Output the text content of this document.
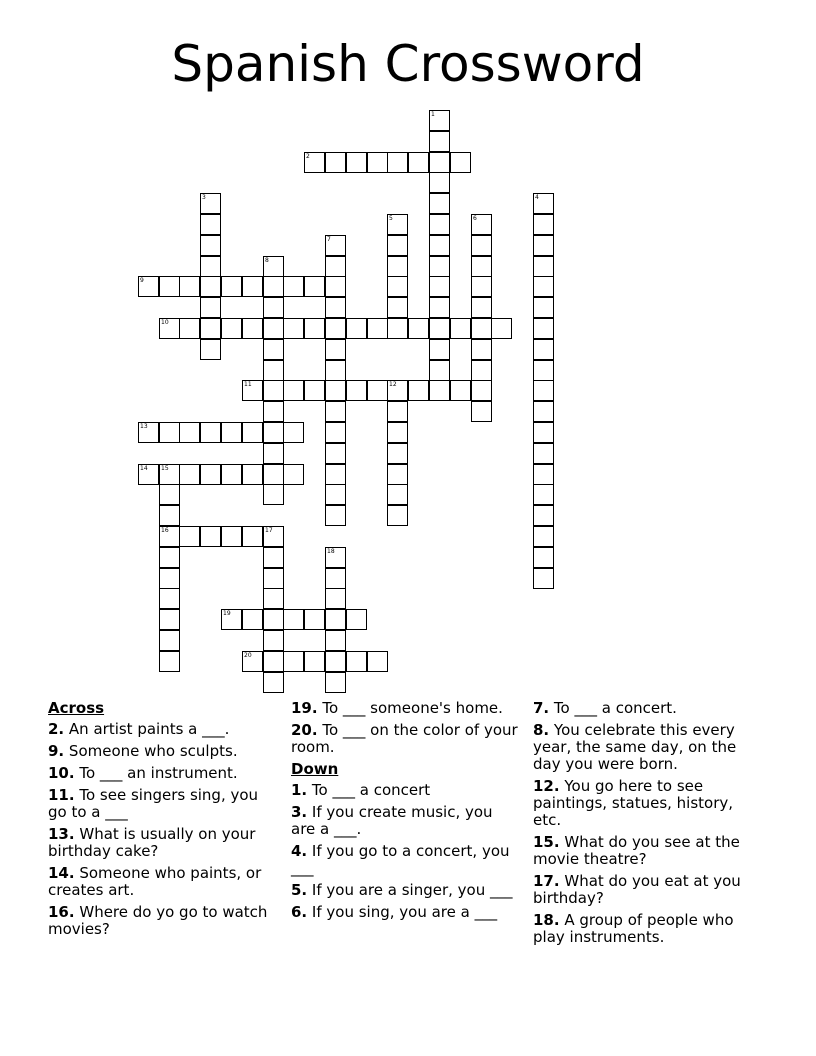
Spanish Crossword
1
2
3	4
5	6
7
8
9
10
11	12
13
14 15
16	17
18
19
20
Across
2. An artist paints a ___.
9. Someone who sculpts.
10. To ___ an instrument.
11. To see singers sing, you go to a ___
13. What is usually on your birthday cake?
14. Someone who paints, or creates art.
16. Where do yo go to watch movies?
19. To ___ someone's home.
20. To ___ on the color of your room.
Down
1. To ___ a concert
3. If you create music, you are a ___.
4. If you go to a concert, you ___
5. If you are a singer, you ___
6. If you sing, you are a ___
7. To ___ a concert.
8. You celebrate this every year, the same day, on the day you were born.
12. You go here to see paintings, statues, history, etc.
15. What do you see at the movie theatre?
17. What do you eat at you birthday?
18. A group of people who play instruments.
